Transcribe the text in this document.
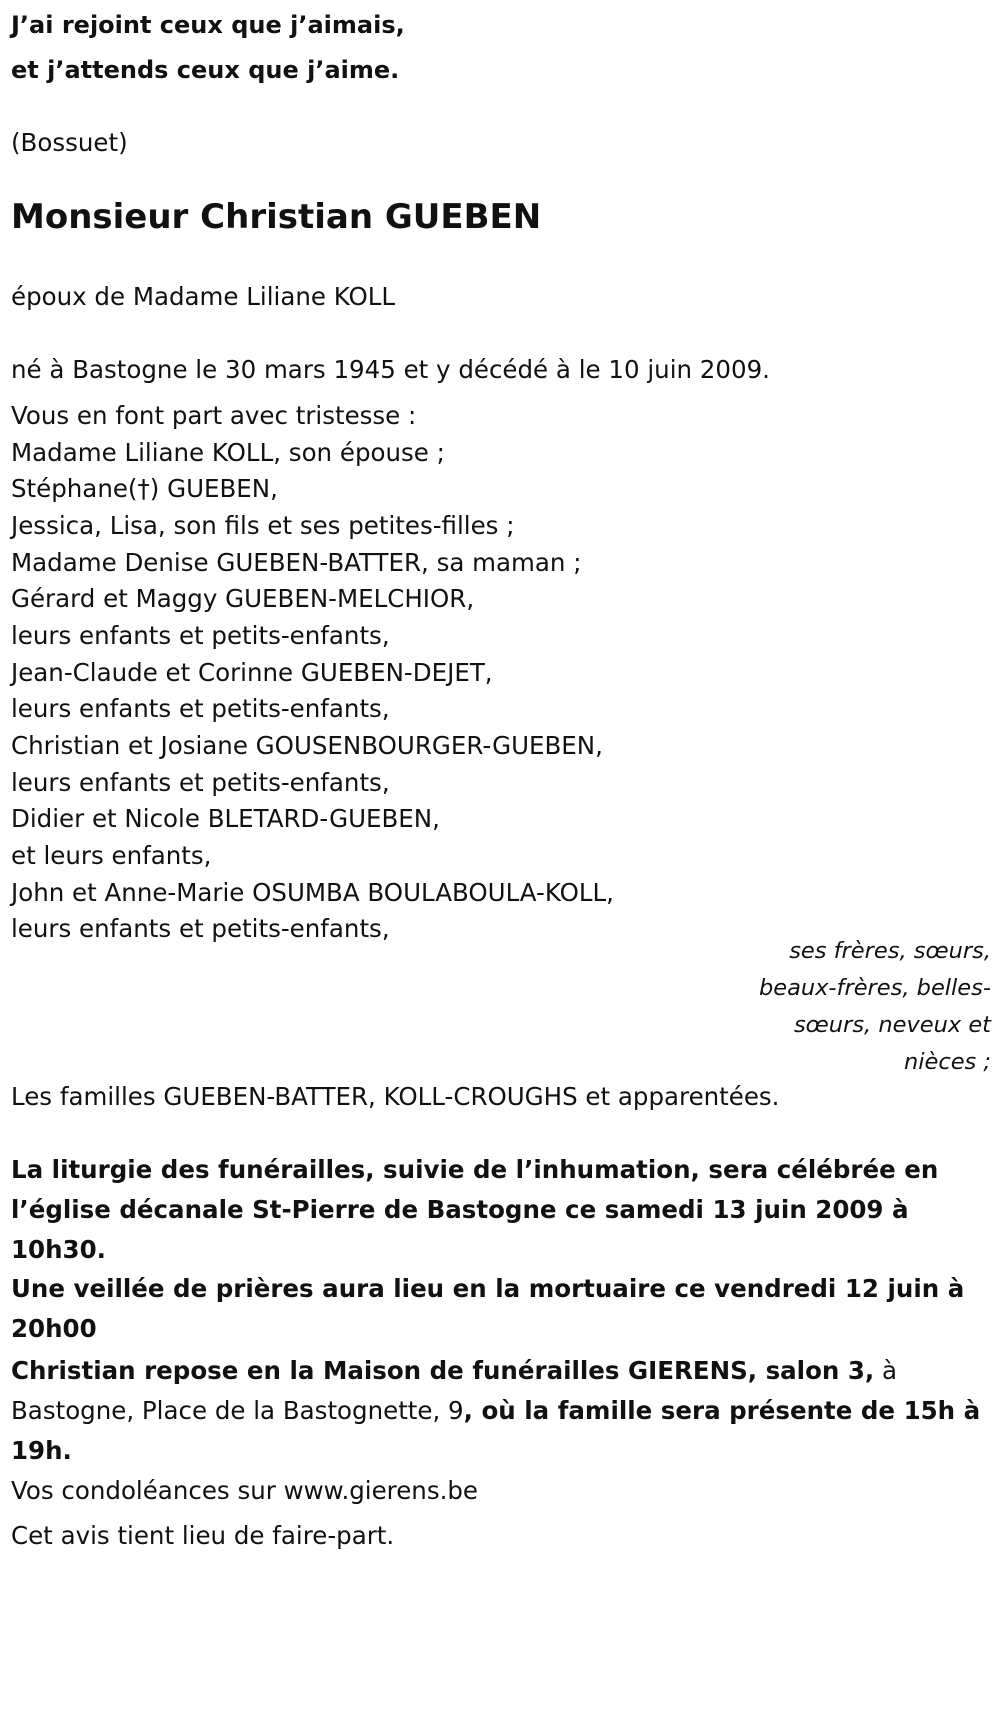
J’ai rejoint ceux que j’aimais,
et j’attends ceux que j’aime.
(Bossuet)
Monsieur Christian GUEBEN
époux de Madame Liliane KOLL
né à Bastogne le 30 mars 1945 et y décédé à le 10 juin 2009.
Vous en font part avec tristesse :
Madame Liliane KOLL, son épouse ;
Stéphane(†) GUEBEN,
Jessica, Lisa, son fils et ses petites-filles ;
Madame Denise GUEBEN-BATTER, sa maman ;
Gérard et Maggy GUEBEN-MELCHIOR,
leurs enfants et petits-enfants,
Jean-Claude et Corinne GUEBEN-DEJET,
leurs enfants et petits-enfants,
Christian et Josiane GOUSENBOURGER-GUEBEN,
leurs enfants et petits-enfants,
Didier et Nicole BLETARD-GUEBEN,
et leurs enfants,
John et Anne-Marie OSUMBA BOULABOULA-KOLL,
leurs enfants et petits-enfants,
ses frères, sœurs,
beaux-frères, belles-
sœurs, neveux et
nièces ;
Les familles GUEBEN-BATTER, KOLL-CROUGHS et apparentées.
La liturgie des funérailles, suivie de l’inhumation, sera célébrée en l’église décanale St-Pierre de Bastogne ce samedi 13 juin 2009 à 10h30.
Une veillée de prières aura lieu en la mortuaire ce vendredi 12 juin à 20h00
Christian repose en la Maison de funérailles GIERENS, salon 3, à Bastogne, Place de la Bastognette, 9, où la famille sera présente de 15h à 19h.
Vos condoléances sur www.gierens.be
Cet avis tient lieu de faire-part.
